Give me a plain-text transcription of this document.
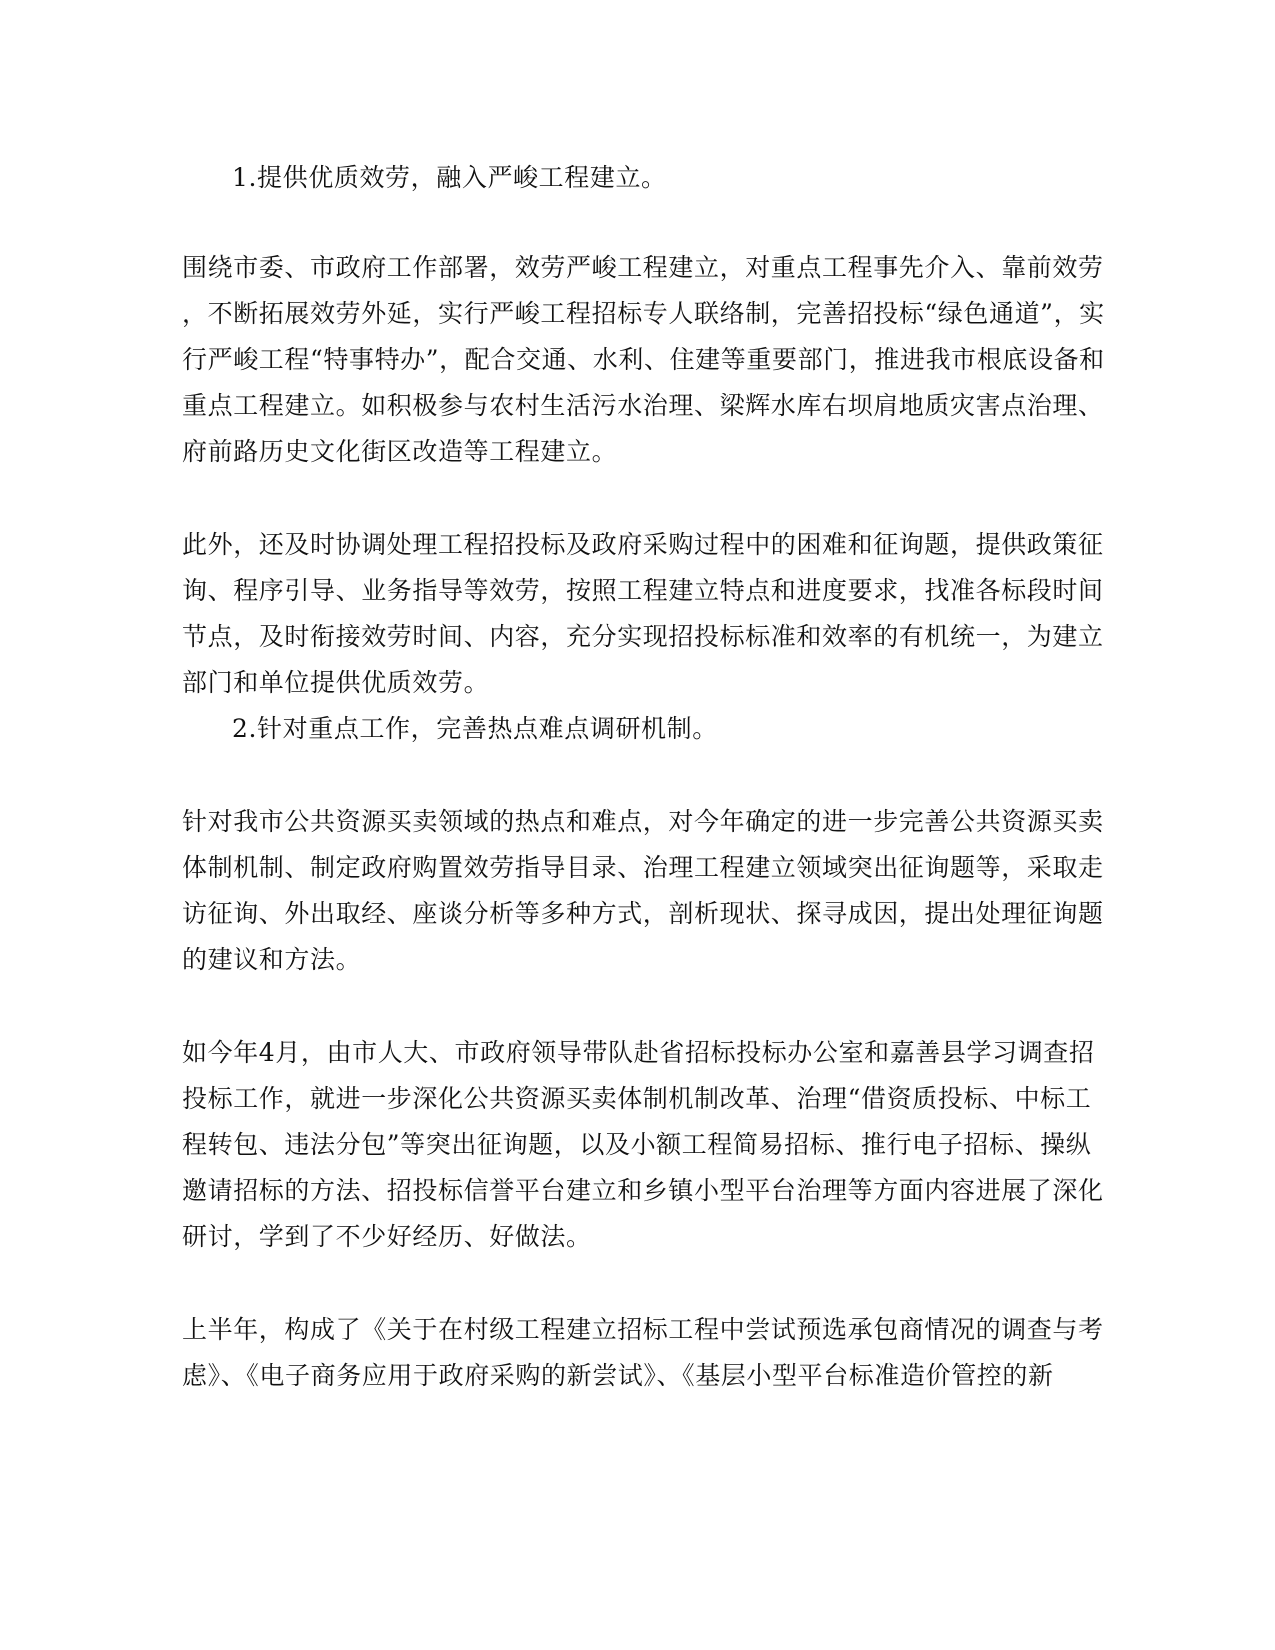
1.提供优质效劳，融入严峻工程建立。
围绕市委、市政府工作部署，效劳严峻工程建立，对重点工程事先介入、靠前效劳
，不断拓展效劳外延，实行严峻工程招标专人联络制，完善招投标“绿色通道”，实
行严峻工程“特事特办”，配合交通、水利、住建等重要部门，推进我市根底设备和
重点工程建立。如积极参与农村生活污水治理、梁辉水库右坝肩地质灾害点治理、
府前路历史文化街区改造等工程建立。
此外，还及时协调处理工程招投标及政府采购过程中的困难和征询题，提供政策征
询、程序引导、业务指导等效劳，按照工程建立特点和进度要求，找准各标段时间
节点，及时衔接效劳时间、内容，充分实现招投标标准和效率的有机统一，为建立
部门和单位提供优质效劳。
2.针对重点工作，完善热点难点调研机制。
针对我市公共资源买卖领域的热点和难点，对今年确定的进一步完善公共资源买卖
体制机制、制定政府购置效劳指导目录、治理工程建立领域突出征询题等，采取走
访征询、外出取经、座谈分析等多种方式，剖析现状、探寻成因，提出处理征询题
的建议和方法。
如今年4月，由市人大、市政府领导带队赴省招标投标办公室和嘉善县学习调查招
投标工作，就进一步深化公共资源买卖体制机制改革、治理“借资质投标、中标工
程转包、违法分包”等突出征询题，以及小额工程简易招标、推行电子招标、操纵
邀请招标的方法、招投标信誉平台建立和乡镇小型平台治理等方面内容进展了深化
研讨，学到了不少好经历、好做法。
上半年，构成了《关于在村级工程建立招标工程中尝试预选承包商情况的调查与考
虑》、《电子商务应用于政府采购的新尝试》、《基层小型平台标准造价管控的新
